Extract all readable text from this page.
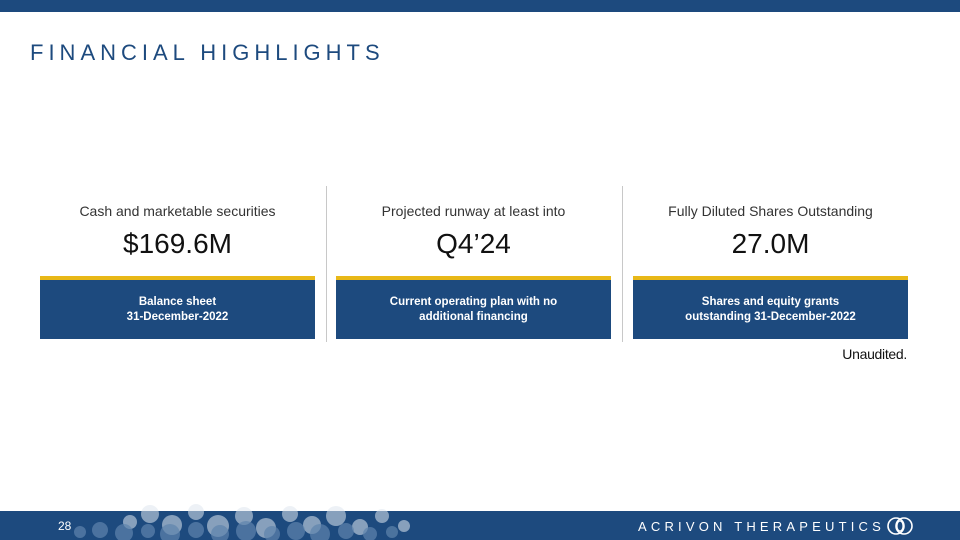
FINANCIAL HIGHLIGHTS
Cash and marketable securities
$169.6M
Balance sheet
31-December-2022
Projected runway at least into
Q4’24
Current operating plan with no
additional financing
Fully Diluted Shares Outstanding
27.0M
Shares and equity grants
outstanding 31-December-2022
Unaudited.
28	ACRIVON THERAPEUTICS
